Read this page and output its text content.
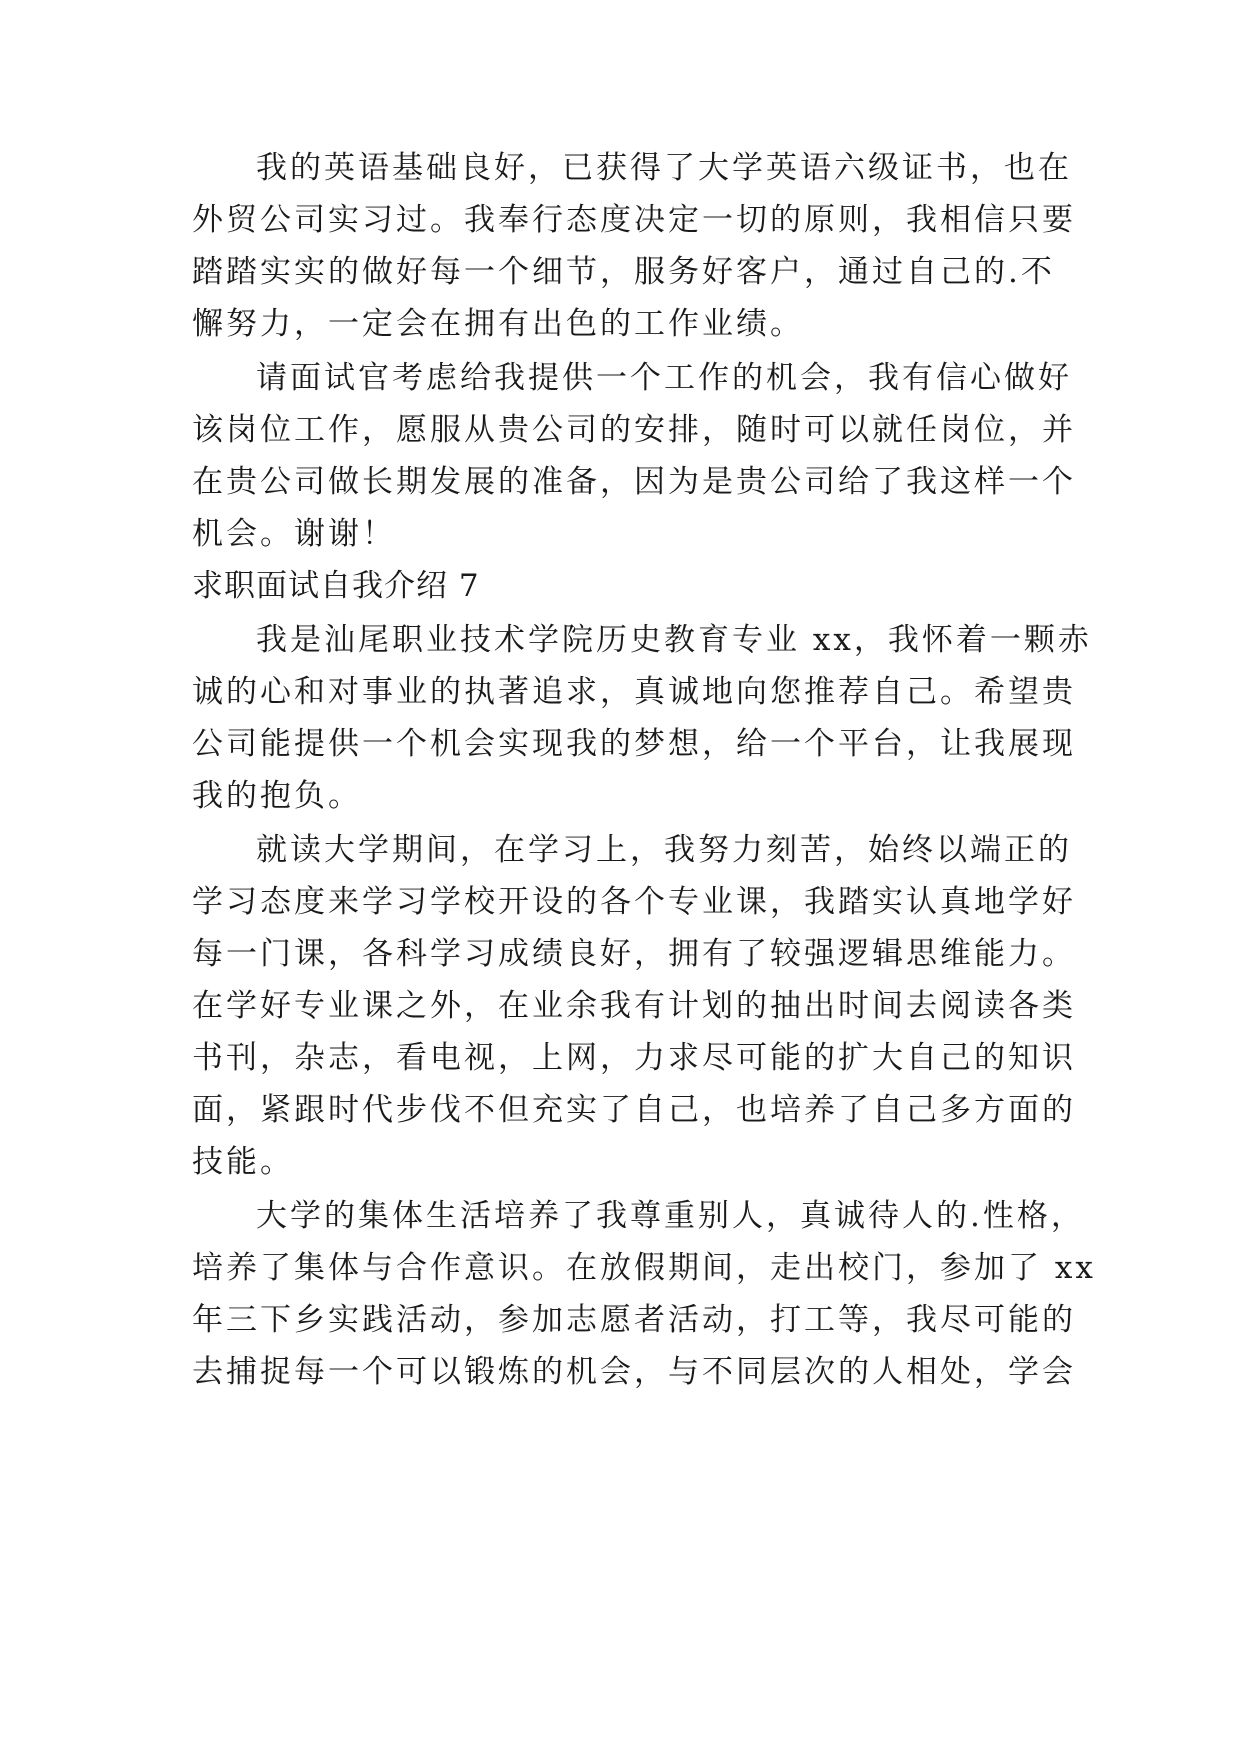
我的英语基础良好，已获得了大学英语六级证书，也在
外贸公司实习过。我奉行态度决定一切的原则，我相信只要
踏踏实实的做好每一个细节，服务好客户，通过自己的.不
懈努力，一定会在拥有出色的工作业绩。
请面试官考虑给我提供一个工作的机会，我有信心做好
该岗位工作，愿服从贵公司的安排，随时可以就任岗位，并
在贵公司做长期发展的准备，因为是贵公司给了我这样一个
机会。谢谢！
求职面试自我介绍 7
我是汕尾职业技术学院历史教育专业 xx，我怀着一颗赤
诚的心和对事业的执著追求，真诚地向您推荐自己。希望贵
公司能提供一个机会实现我的梦想，给一个平台，让我展现
我的抱负。
就读大学期间，在学习上，我努力刻苦，始终以端正的
学习态度来学习学校开设的各个专业课，我踏实认真地学好
每一门课，各科学习成绩良好，拥有了较强逻辑思维能力。
在学好专业课之外，在业余我有计划的抽出时间去阅读各类
书刊，杂志，看电视，上网，力求尽可能的扩大自己的知识
面，紧跟时代步伐不但充实了自己，也培养了自己多方面的
技能。
大学的集体生活培养了我尊重别人，真诚待人的.性格，
培养了集体与合作意识。在放假期间，走出校门，参加了 xx
年三下乡实践活动，参加志愿者活动，打工等，我尽可能的
去捕捉每一个可以锻炼的机会，与不同层次的人相处，学会
